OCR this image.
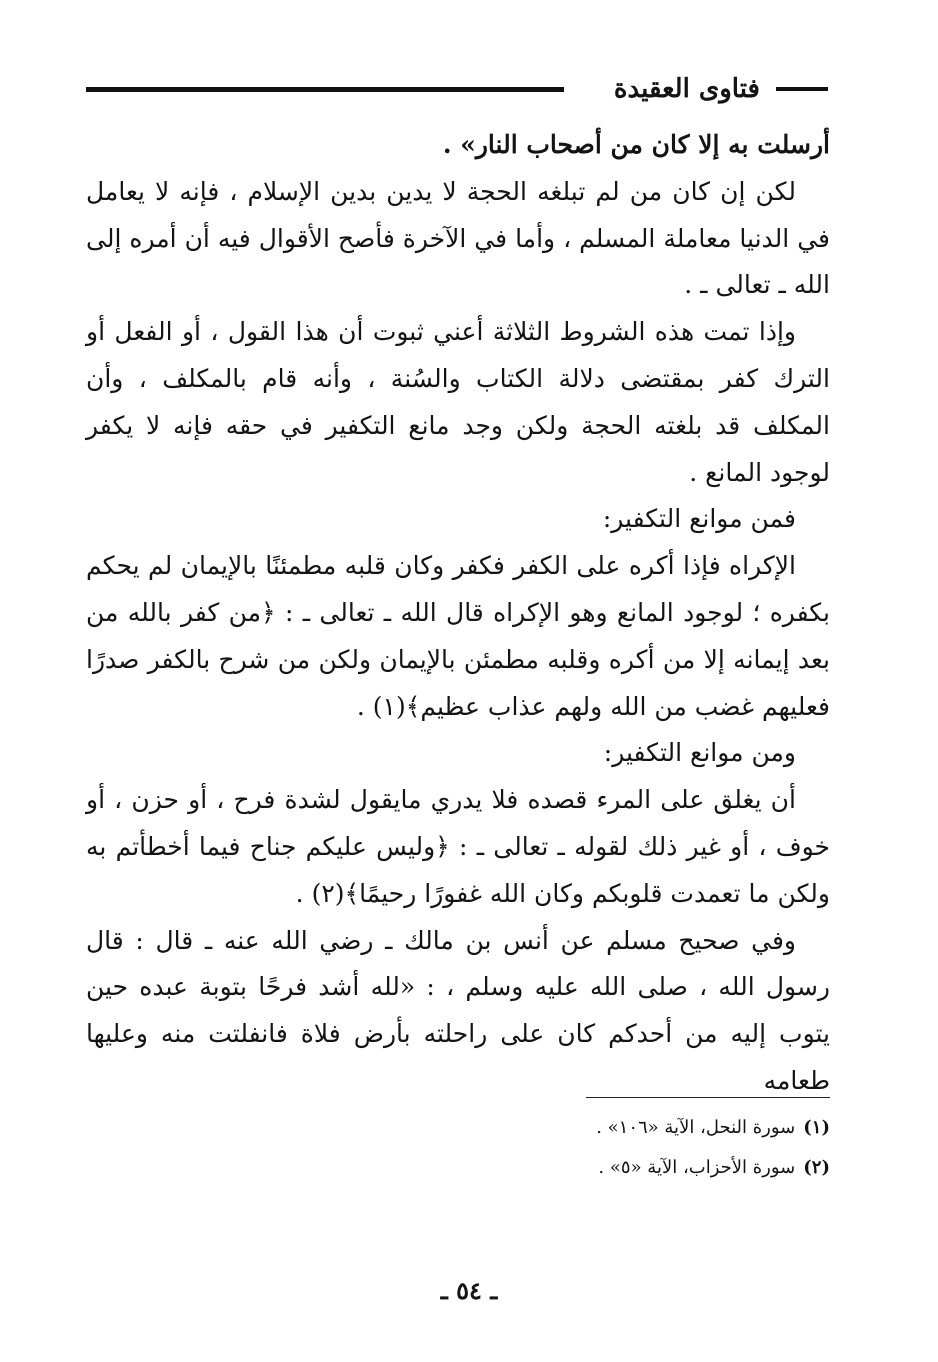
فتاوى العقيدة

أرسلت به إلا كان من أصحاب النار» .

لكن إن كان من لم تبلغه الحجة لا يدين بدين الإسلام ، فإنه لا يعامل في الدنيا معاملة المسلم ، وأما في الآخرة فأصح الأقوال فيه أن أمره إلى الله ـ تعالى ـ .

وإذا تمت هذه الشروط الثلاثة أعني ثبوت أن هذا القول ، أو الفعل أو الترك كفر بمقتضى دلالة الكتاب والسُنة ، وأنه قام بالمكلف ، وأن المكلف قد بلغته الحجة ولكن وجد مانع التكفير في حقه فإنه لا يكفر لوجود المانع .

فمن موانع التكفير:

الإكراه فإذا أكره على الكفر فكفر وكان قلبه مطمئنًا بالإيمان لم يحكم بكفره ؛ لوجود المانع وهو الإكراه قال الله ـ تعالى ـ : ﴿من كفر بالله من بعد إيمانه إلا من أكره وقلبه مطمئن بالإيمان ولكن من شرح بالكفر صدرًا فعليهم غضب من الله ولهم عذاب عظيم﴾(١) .

ومن موانع التكفير:

أن يغلق على المرء قصده فلا يدري مايقول لشدة فرح ، أو حزن ، أو خوف ، أو غير ذلك لقوله ـ تعالى ـ : ﴿وليس عليكم جناح فيما أخطأتم به ولكن ما تعمدت قلوبكم وكان الله غفورًا رحيمًا﴾(٢) .

وفي صحيح مسلم عن أنس بن مالك ـ رضي الله عنه ـ قال : قال رسول الله ، صلى الله عليه وسلم ، : «لله أشد فرحًا بتوبة عبده حين يتوب إليه من أحدكم كان على راحلته بأرض فلاة فانفلتت منه وعليها طعامه

(١)سورة النحل، الآية «١٠٦» .

(٢)سورة الأحزاب، الآية «٥» .

ـ ٥٤ ـ
